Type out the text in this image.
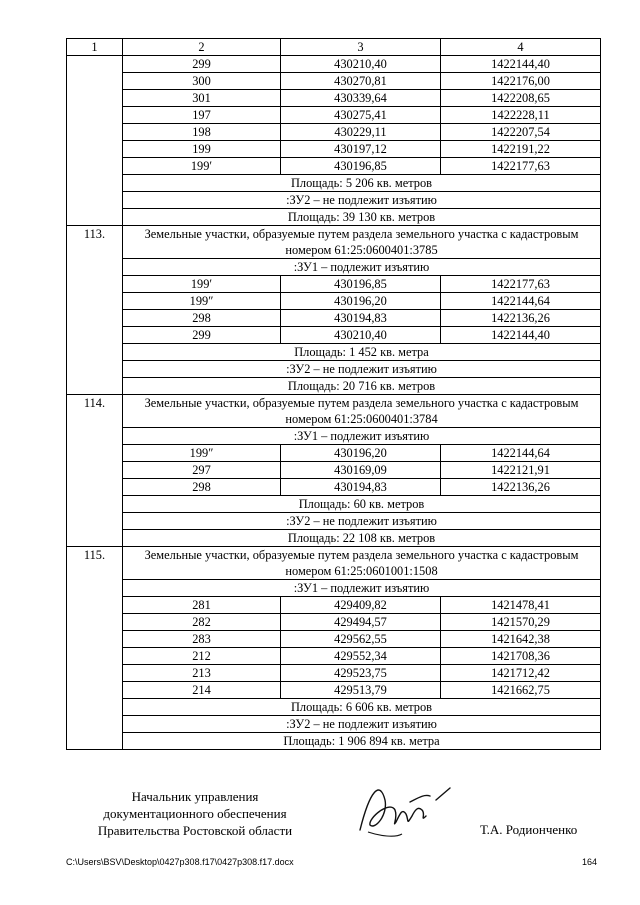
1	2	3	4
	299	430210,40	1422144,40
	300	430270,81	1422176,00
	301	430339,64	1422208,65
	197	430275,41	1422228,11
	198	430229,11	1422207,54
	199	430197,12	1422191,22
	199′	430196,85	1422177,63
	Площадь: 5 206 кв. метров		
	:ЗУ2 – не подлежит изъятию		
	Площадь: 39 130 кв. метров		
113.	Земельные участки, образуемые путем раздела земельного участка с кадастровым номером 61:25:0600401:3785		
	:ЗУ1 – подлежит изъятию		
	199′	430196,85	1422177,63
	199″	430196,20	1422144,64
	298	430194,83	1422136,26
	299	430210,40	1422144,40
	Площадь: 1 452 кв. метра		
	:ЗУ2 – не подлежит изъятию		
	Площадь: 20 716 кв. метров		
114.	Земельные участки, образуемые путем раздела земельного участка с кадастровым номером 61:25:0600401:3784		
	:ЗУ1 – подлежит изъятию		
	199″	430196,20	1422144,64
	297	430169,09	1422121,91
	298	430194,83	1422136,26
	Площадь: 60 кв. метров		
	:ЗУ2 – не подлежит изъятию		
	Площадь: 22 108 кв. метров		
115.	Земельные участки, образуемые путем раздела земельного участка с кадастровым номером 61:25:0601001:1508		
	:ЗУ1 – подлежит изъятию		
	281	429409,82	1421478,41
	282	429494,57	1421570,29
	283	429562,55	1421642,38
	212	429552,34	1421708,36
	213	429523,75	1421712,42
	214	429513,79	1421662,75
	Площадь: 6 606 кв. метров		
	:ЗУ2 – не подлежит изъятию		
	Площадь: 1 906 894 кв. метра		
Начальник управления
документационного обеспечения
Правительства Ростовской области	Т.А. Родионченко
C:\Users\BSV\Desktop\0427p308.f17\0427p308.f17.docx	164
